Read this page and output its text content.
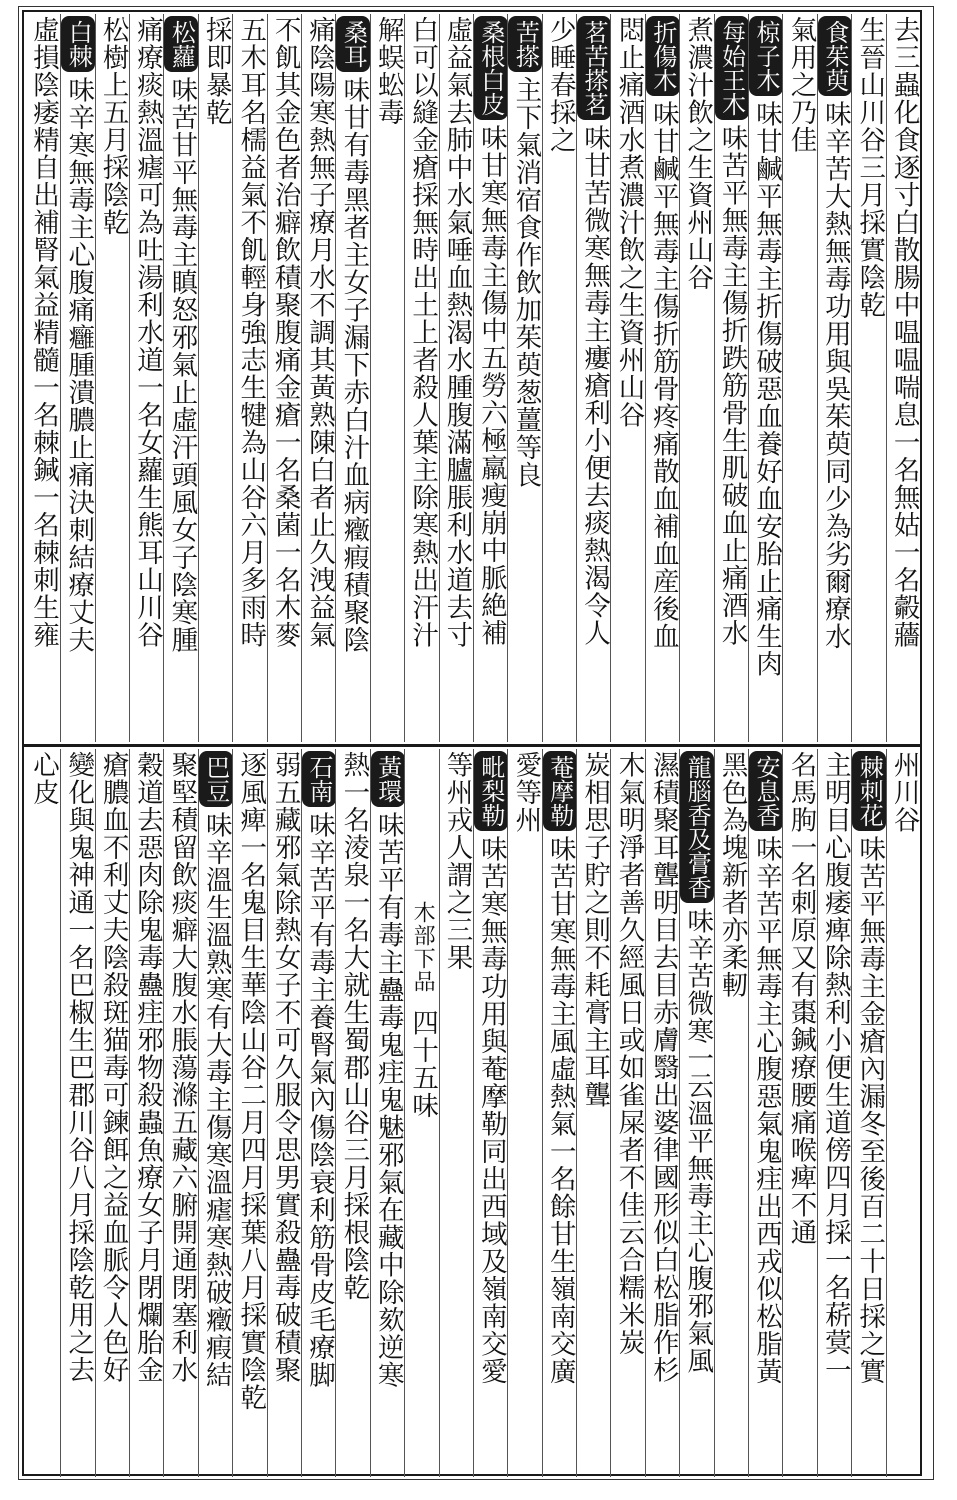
去三蟲化食逐寸白散腸中嗢嗢喘息一名無姑一名㲉蘠
生晉山川谷三月採實陰乾
食茱萸味辛苦大熱無毒功用與吳茱萸同少為劣爾療水
氣用之乃佳
椋子木味甘鹹平無毒主折傷破惡血養好血安胎止痛生肉
每始王木味苦平無毒主傷折跌筋骨生肌破血止痛酒水
煮濃汁飲之生資州山谷
折傷木味甘鹹平無毒主傷折筋骨疼痛散血補血産後血
悶止痛酒水煮濃汁飲之生資州山谷
茗苦搽茗味甘苦微寒無毒主瘻瘡利小便去痰熱渴令人
少睡春採之
苦搽主下氣消宿食作飲加茱萸葱薑等良
桑根白皮味甘寒無毒主傷中五勞六極羸瘦崩中脈絶補
虛益氣去肺中水氣唾血熱渴水腫腹滿臚脹利水道去寸
白可以縫金瘡採無時出土上者殺人葉主除寒熱出汗汁
解蜈蚣毒
桑耳味甘有毒黑者主女子漏下赤白汁血病癥瘕積聚陰
痛陰陽寒熱無子療月水不調其黃熟陳白者止久洩益氣
不飢其金色者治癖飲積聚腹痛金瘡一名桑菌一名木麥
五木耳名檽益氣不飢輕身強志生犍為山谷六月多雨時
採即暴乾
松蘿味苦甘平無毒主瞋怒邪氣止虛汗頭風女子陰寒腫
痛療痰熱溫瘧可為吐湯利水道一名女蘿生熊耳山川谷
松樹上五月採陰乾
白棘味辛寒無毒主心腹痛癰腫潰膿止痛決刺結療丈夫
虛損陰痿精自出補腎氣益精髓一名棘鍼一名棘刺生雍
州川谷
棘刺花味苦平無毒主金瘡內漏冬至後百二十日採之實
主明目心腹痿痺除熱利小便生道傍四月採一名菥蓂一
名馬朐一名刺原又有棗鍼療腰痛喉痺不通
安息香味辛苦平無毒主心腹惡氣鬼疰出西戎似松脂黃
黑色為塊新者亦柔軔
龍腦香及膏香味辛苦微寒一云溫平無毒主心腹邪氣風
濕積聚耳聾明目去目赤膚翳出婆律國形似白松脂作杉
木氣明淨者善久經風日或如雀屎者不佳云合糯米炭
炭相思子貯之則不耗膏主耳聾
菴摩勒味苦甘寒無毒主風虛熱氣一名餘甘生嶺南交廣
愛等州
毗梨勒味苦寒無毒功用與菴摩勒同出西域及嶺南交愛
等州戎人謂之三果
木部下品四十五味
黃環味苦平有毒主蠱毒鬼疰鬼魅邪氣在藏中除欬逆寒
熱一名淩泉一名大就生蜀郡山谷三月採根陰乾
石南味辛苦平有毒主養腎氣內傷陰衰利筋骨皮毛療脚
弱五藏邪氣除熱女子不可久服令思男實殺蠱毒破積聚
逐風痺一名鬼目生華陰山谷二月四月採葉八月採實陰乾
巴豆味辛溫生溫熟寒有大毒主傷寒溫瘧寒熱破癥瘕結
聚堅積留飲痰癖大腹水脹蕩滌五藏六腑開通閉塞利水
穀道去惡肉除鬼毒蠱疰邪物殺蟲魚療女子月閉爛胎金
瘡膿血不利丈夫陰殺斑猫毒可鍊餌之益血脈令人色好
變化與鬼神通一名巴椒生巴郡川谷八月採陰乾用之去
心皮
